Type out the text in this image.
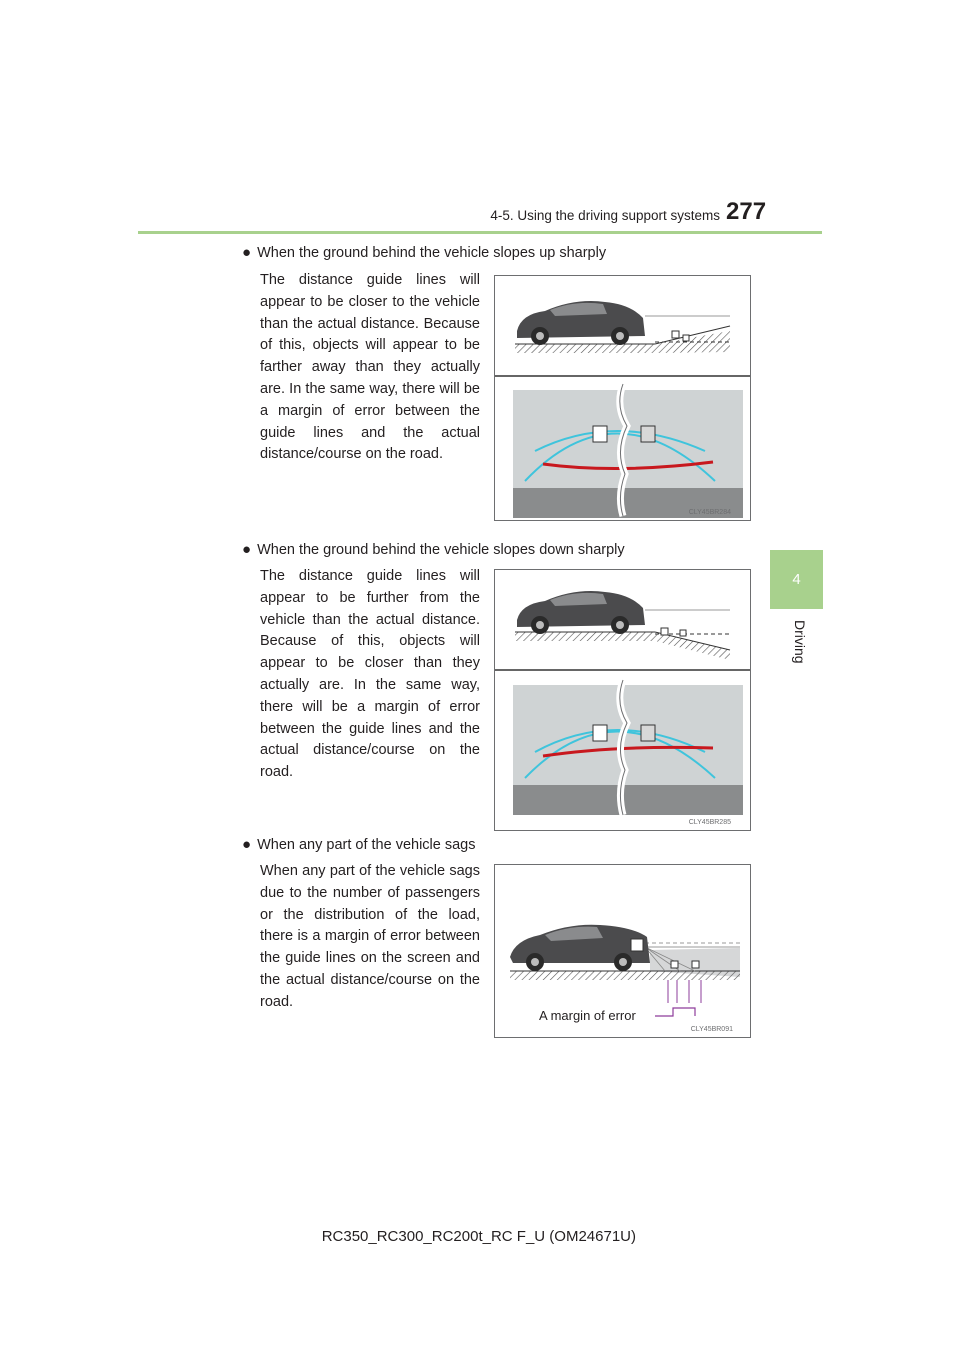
4-5. Using the driving support systems 277
4
Driving
● When the ground behind the vehicle slopes up sharply
The distance guide lines will appear to be closer to the vehicle than the actual distance. Because of this, objects will appear to be farther away than they actually are. In the same way, there will be a margin of error between the guide lines and the actual distance/course on the road.
CLY45BR284
● When the ground behind the vehicle slopes down sharply
The distance guide lines will appear to be further from the vehicle than the actual distance. Because of this, objects will appear to be closer than they actually are. In the same way, there will be a margin of error between the guide lines and the actual distance/course on the road.
CLY45BR285
● When any part of the vehicle sags
When any part of the vehicle sags due to the number of passengers or the distribution of the load, there is a margin of error between the guide lines on the screen and the actual distance/course on the road.
A margin of error
CLY45BR091
RC350_RC300_RC200t_RC F_U (OM24671U)
